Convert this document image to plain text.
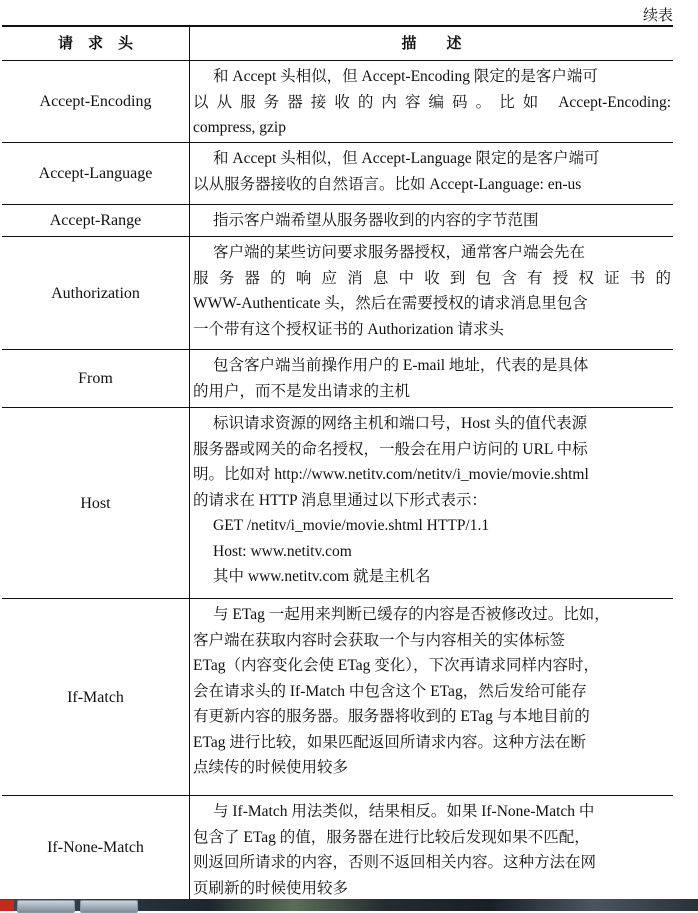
续表
请　求　头	描　　述
Accept-Encoding
和 Accept 头相似，但 Accept-Encoding 限定的是客户端可
以从服务器接收的内容编码。比如 Accept-Encoding:
compress, gzip
Accept-Language
和 Accept 头相似，但 Accept-Language 限定的是客户端可
以从服务器接收的自然语言。比如 Accept-Language: en-us
Accept-Range	指示客户端希望从服务器收到的内容的字节范围
Authorization
客户端的某些访问要求服务器授权，通常客户端会先在
服务器的响应消息中收到包含有授权证书的
WWW-Authenticate 头，然后在需要授权的请求消息里包含
一个带有这个授权证书的 Authorization 请求头
From
包含客户端当前操作用户的 E-mail 地址，代表的是具体
的用户，而不是发出请求的主机
Host
标识请求资源的网络主机和端口号，Host 头的值代表源
服务器或网关的命名授权，一般会在用户访问的 URL 中标
明。比如对 http://www.netitv.com/netitv/i_movie/movie.shtml
的请求在 HTTP 消息里通过以下形式表示：
GET /netitv/i_movie/movie.shtml HTTP/1.1
Host: www.netitv.com
其中 www.netitv.com 就是主机名
If-Match
与 ETag 一起用来判断已缓存的内容是否被修改过。比如，
客户端在获取内容时会获取一个与内容相关的实体标签
ETag（内容变化会使 ETag 变化），下次再请求同样内容时，
会在请求头的 If-Match 中包含这个 ETag，然后发给可能存
有更新内容的服务器。服务器将收到的 ETag 与本地目前的
ETag 进行比较，如果匹配返回所请求内容。这种方法在断
点续传的时候使用较多
If-None-Match
与 If-Match 用法类似，结果相反。如果 If-None-Match 中
包含了 ETag 的值，服务器在进行比较后发现如果不匹配，
则返回所请求的内容，否则不返回相关内容。这种方法在网
页刷新的时候使用较多
